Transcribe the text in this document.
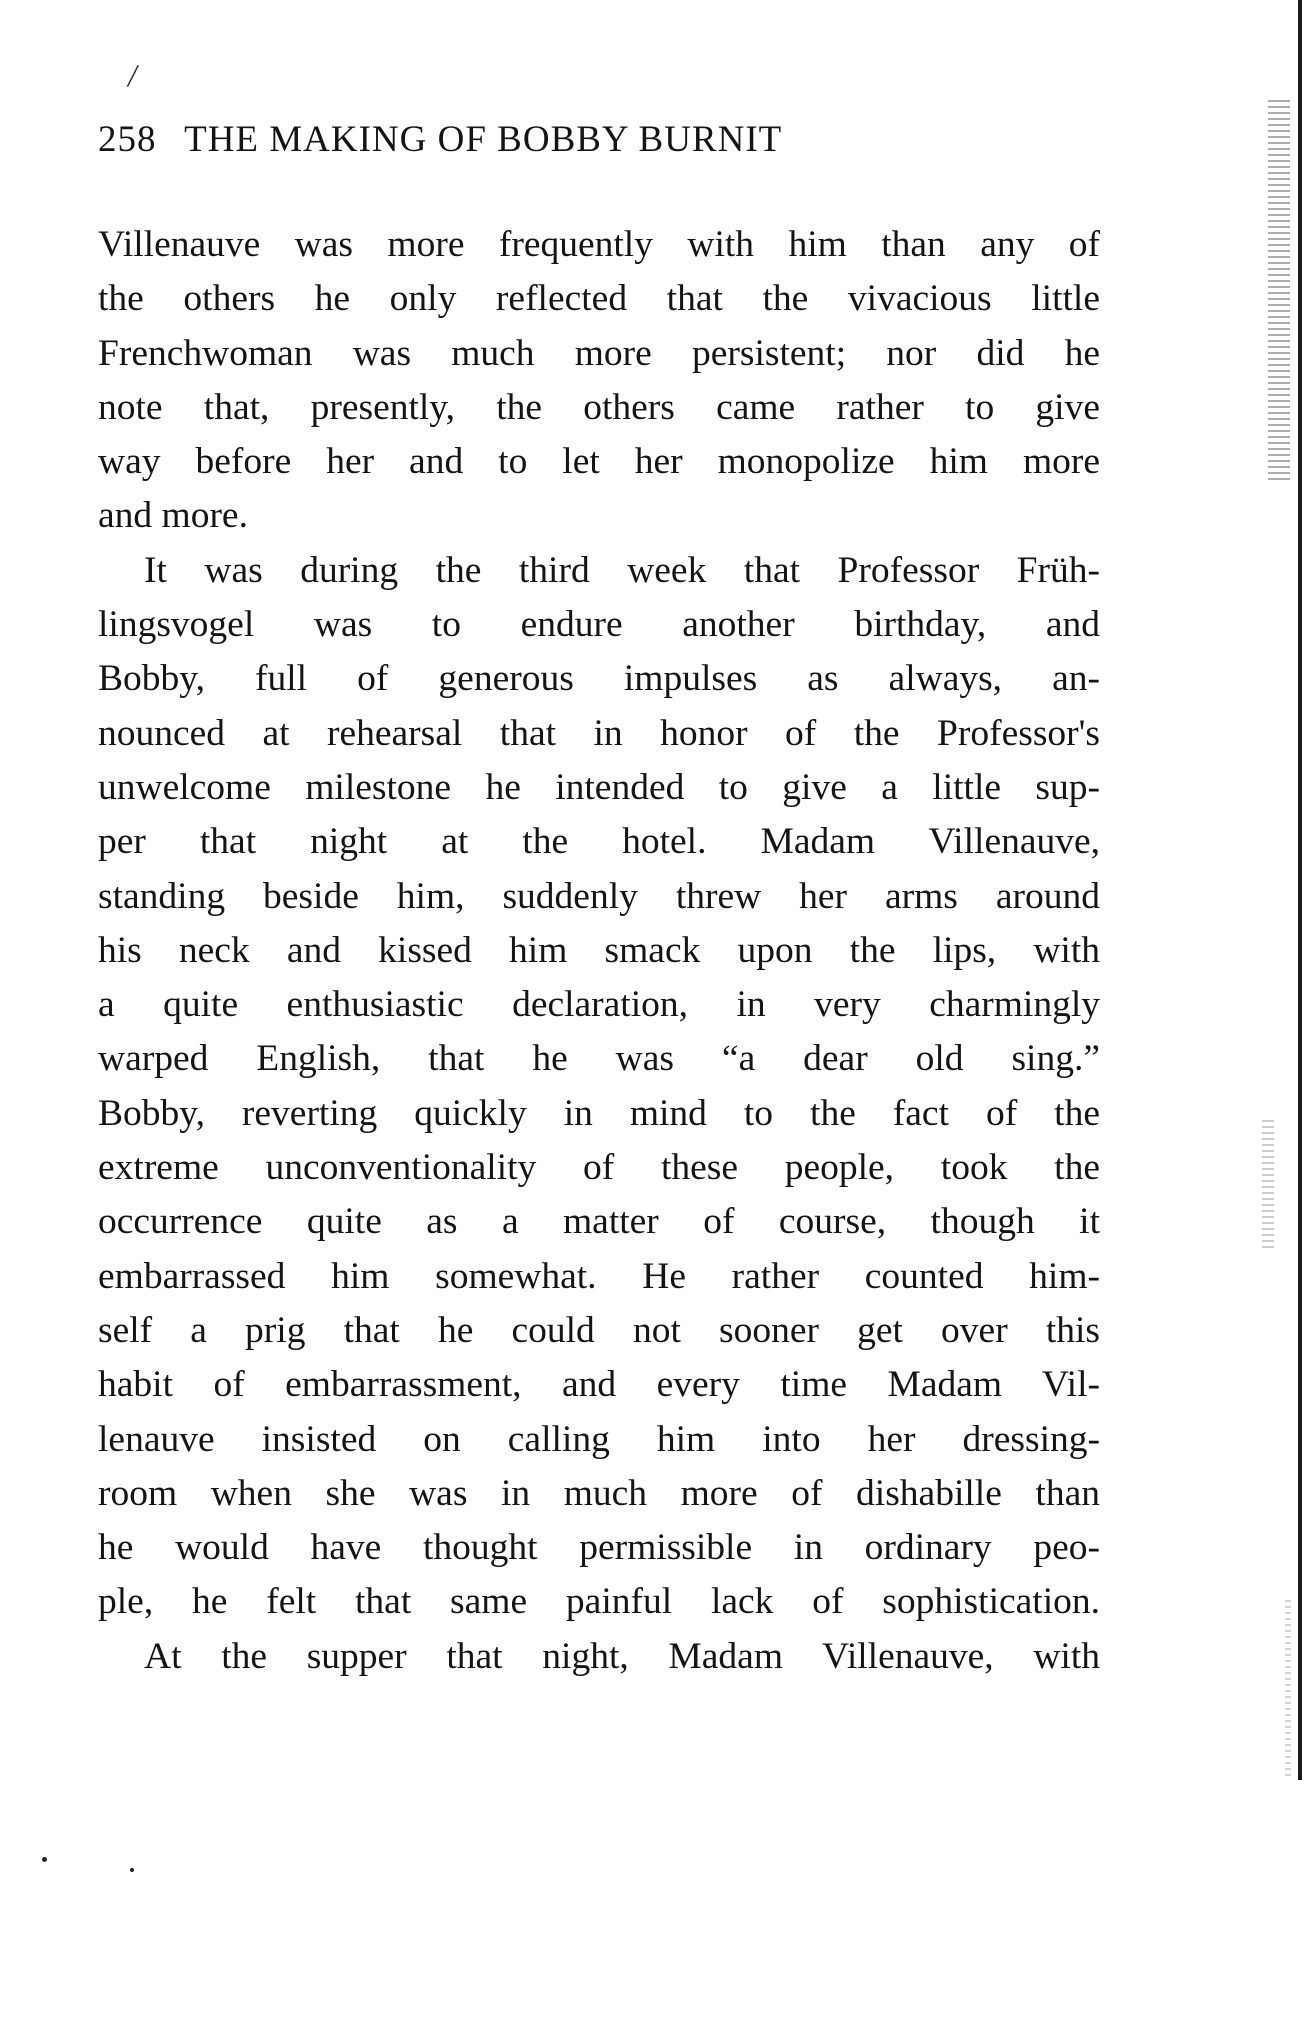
/
258 THE MAKING OF BOBBY BURNIT

Villenauve was more frequently with him than any of
the others he only reflected that the vivacious little
Frenchwoman was much more persistent; nor did he
note that, presently, the others came rather to give
way before her and to let her monopolize him more
and more.

It was during the third week that Professor Früh-
lingsvogel was to endure another birthday, and
Bobby, full of generous impulses as always, an-
nounced at rehearsal that in honor of the Professor's
unwelcome milestone he intended to give a little sup-
per that night at the hotel. Madam Villenauve,
standing beside him, suddenly threw her arms around
his neck and kissed him smack upon the lips, with
a quite enthusiastic declaration, in very charmingly
warped English, that he was “a dear old sing.”
Bobby, reverting quickly in mind to the fact of the
extreme unconventionality of these people, took the
occurrence quite as a matter of course, though it
embarrassed him somewhat. He rather counted him-
self a prig that he could not sooner get over this
habit of embarrassment, and every time Madam Vil-
lenauve insisted on calling him into her dressing-
room when she was in much more of dishabille than
he would have thought permissible in ordinary peo-
ple, he felt that same painful lack of sophistication.

At the supper that night, Madam Villenauve, with
